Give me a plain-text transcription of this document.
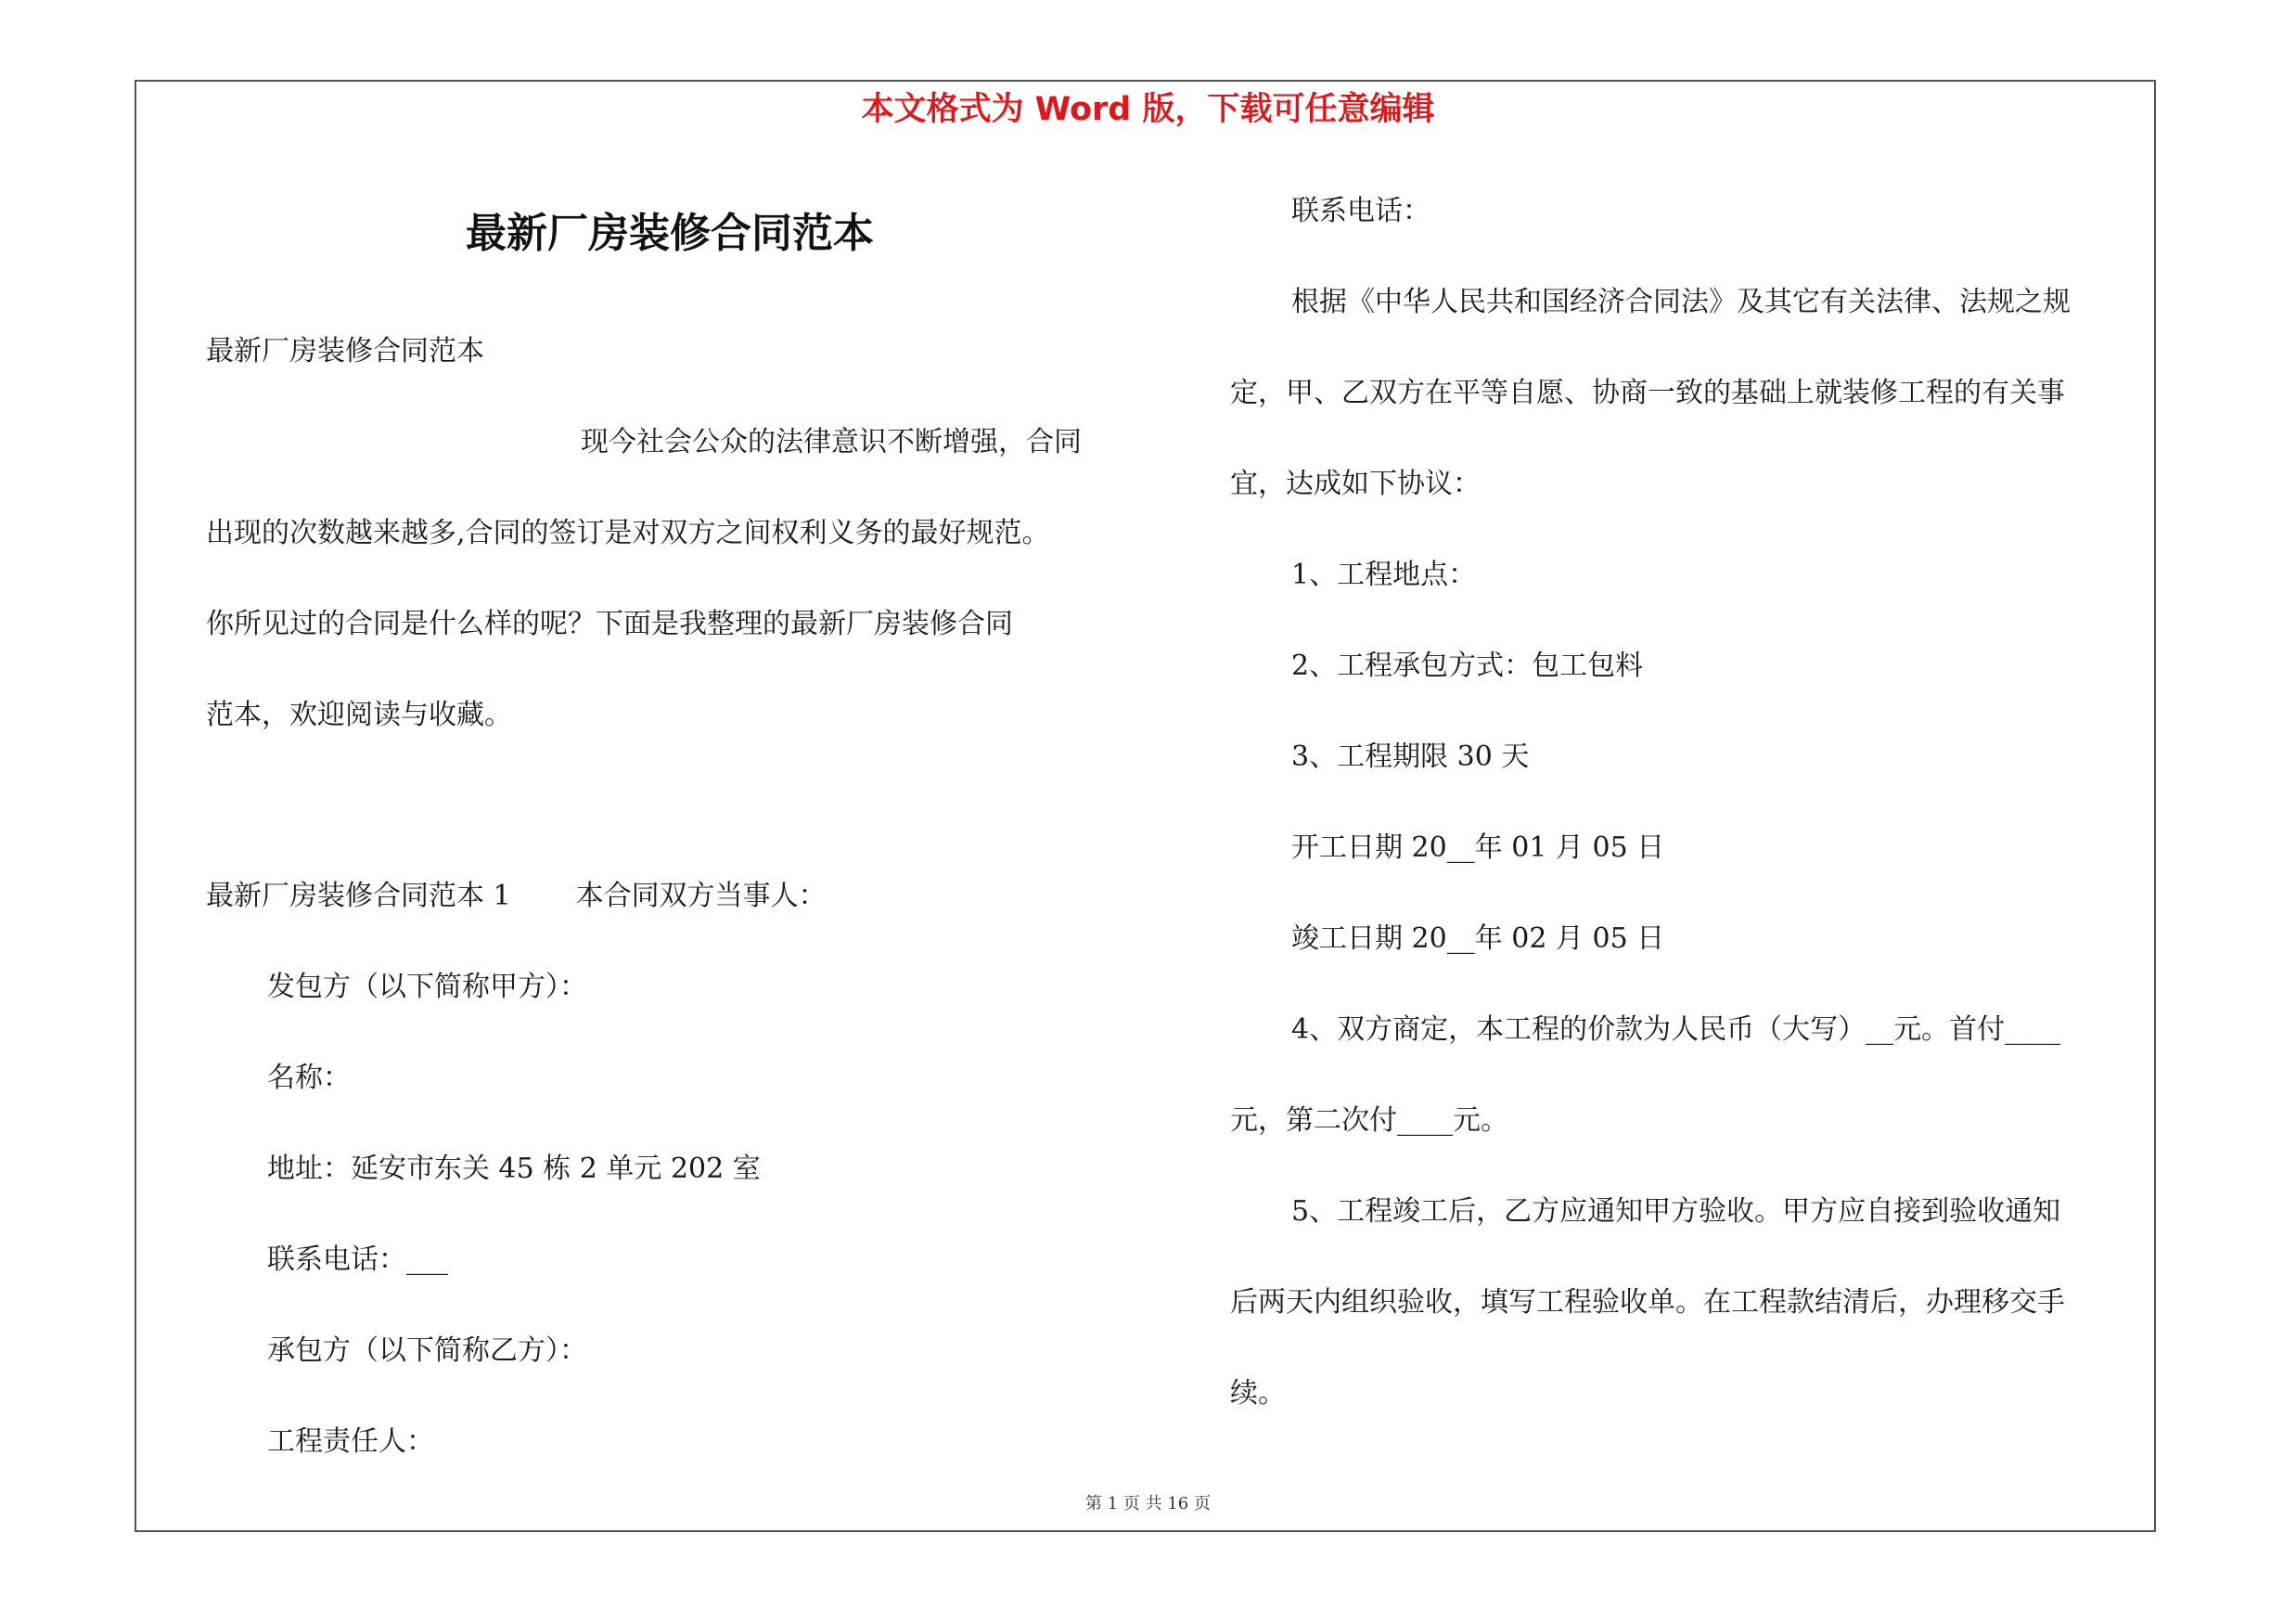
本文格式为 Word 版，下载可任意编辑
最新厂房装修合同范本
最新厂房装修合同范本
现今社会公众的法律意识不断增强，合同
出现的次数越来越多,合同的签订是对双方之间权利义务的最好规范。
你所见过的合同是什么样的呢？下面是我整理的最新厂房装修合同
范本，欢迎阅读与收藏。
最新厂房装修合同范本 1 本合同双方当事人：
发包方（以下简称甲方）：
名称：
地址：延安市东关 45 栋 2 单元 202 室
联系电话：___
承包方（以下简称乙方）：
工程责任人：
联系电话：
根据《中华人民共和国经济合同法》及其它有关法律、法规之规
定，甲、乙双方在平等自愿、协商一致的基础上就装修工程的有关事
宜，达成如下协议：
1、工程地点：
2、工程承包方式：包工包料
3、工程期限 30 天
开工日期 20__年 01 月 05 日
竣工日期 20__年 02 月 05 日
4、双方商定，本工程的价款为人民币（大写）__元。首付____
元，第二次付____元。
5、工程竣工后，乙方应通知甲方验收。甲方应自接到验收通知
后两天内组织验收，填写工程验收单。在工程款结清后，办理移交手
续。
第 1 页 共 16 页
